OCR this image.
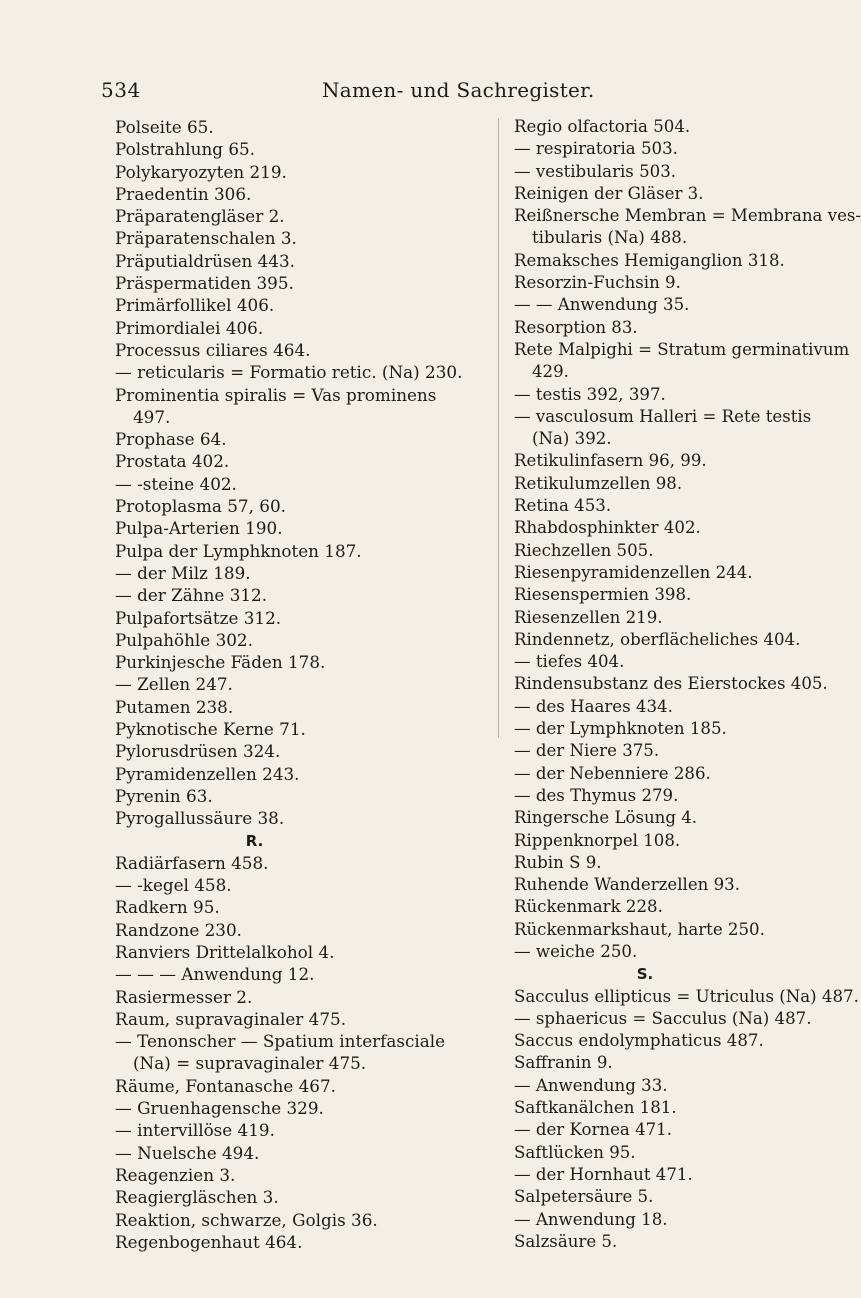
534	Namen- und Sachregister.
Polseite 65.
Polstrahlung 65.
Polykaryozyten 219.
Praedentin 306.
Präparatengläser 2.
Präparatenschalen 3.
Präputialdrüsen 443.
Präspermatiden 395.
Primärfollikel 406.
Primordialei 406.
Processus ciliares 464.
— reticularis = Formatio retic. (Na) 230.
Prominentia spiralis = Vas prominens
497.
Prophase 64.
Prostata 402.
— -steine 402.
Protoplasma 57, 60.
Pulpa-Arterien 190.
Pulpa der Lymphknoten 187.
— der Milz 189.
— der Zähne 312.
Pulpafortsätze 312.
Pulpahöhle 302.
Purkinjesche Fäden 178.
— Zellen 247.
Putamen 238.
Pyknotische Kerne 71.
Pylorusdrüsen 324.
Pyramidenzellen 243.
Pyrenin 63.
Pyrogallussäure 38.
R.
Radiärfasern 458.
— -kegel 458.
Radkern 95.
Randzone 230.
Ranviers Drittelalkohol 4.
— — — Anwendung 12.
Rasiermesser 2.
Raum, supravaginaler 475.
— Tenonscher — Spatium interfasciale
(Na) = supravaginaler 475.
Räume, Fontanasche 467.
— Gruenhagensche 329.
— intervillöse 419.
— Nuelsche 494.
Reagenzien 3.
Reagiergläschen 3.
Reaktion, schwarze, Golgis 36.
Regenbogenhaut 464.
Regio olfactoria 504.
— respiratoria 503.
— vestibularis 503.
Reinigen der Gläser 3.
Reißnersche Membran = Membrana ves-
tibularis (Na) 488.
Remaksches Hemiganglion 318.
Resorzin-Fuchsin 9.
— — Anwendung 35.
Resorption 83.
Rete Malpighi = Stratum germinativum
429.
— testis 392, 397.
— vasculosum Halleri = Rete testis
(Na) 392.
Retikulinfasern 96, 99.
Retikulumzellen 98.
Retina 453.
Rhabdosphinkter 402.
Riechzellen 505.
Riesenpyramidenzellen 244.
Riesenspermien 398.
Riesenzellen 219.
Rindennetz, oberflächeliches 404.
— tiefes 404.
Rindensubstanz des Eierstockes 405.
— des Haares 434.
— der Lymphknoten 185.
— der Niere 375.
— der Nebenniere 286.
— des Thymus 279.
Ringersche Lösung 4.
Rippenknorpel 108.
Rubin S 9.
Ruhende Wanderzellen 93.
Rückenmark 228.
Rückenmarkshaut, harte 250.
— weiche 250.
S.
Sacculus ellipticus = Utriculus (Na) 487.
— sphaericus = Sacculus (Na) 487.
Saccus endolymphaticus 487.
Saffranin 9.
— Anwendung 33.
Saftkanälchen 181.
— der Kornea 471.
Saftlücken 95.
— der Hornhaut 471.
Salpetersäure 5.
— Anwendung 18.
Salzsäure 5.
